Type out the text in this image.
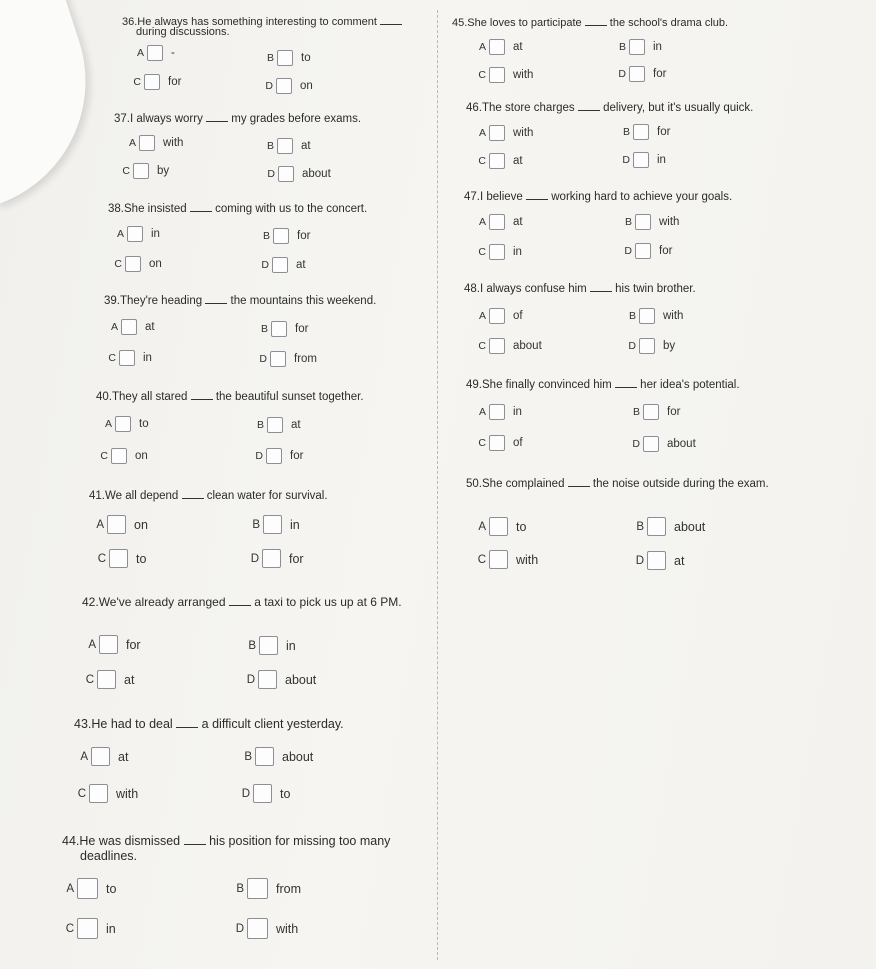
36.He always has something interesting to comment
during discussions.
A -	B to
C for	D on
37.I always worry my grades before exams.
A with	B at
C by	D about
38.She insisted coming with us to the concert.
A in	B for
C on	D at
39.They're heading the mountains this weekend.
A at	B for
C in	D from
40.They all stared the beautiful sunset together.
A to	B at
C on	D for
41.We all depend clean water for survival.
A on	B in
C to	D for
42.We've already arranged a taxi to pick us up at 6 PM.
A for	B in
C at	D about
43.He had to deal a difficult client yesterday.
A at	B about
C with	D to
44.He was dismissed his position for missing too many
deadlines.
A	to	B	from
C	in	D	with
45.She loves to participate	the school's drama club.
A at	B in
C with	D for
46.The store charges delivery, but it's usually quick.
A with	B for
C at	D in
47.I believe working hard to achieve your goals.
A at	B with
C in	D for
48.I always confuse him his twin brother.
A of	B with
C about	D by
49.She finally convinced him her idea's potential.
A in	B for
C of	D about
50.She complained the noise outside during the exam.
A to	B about
C with	D at
